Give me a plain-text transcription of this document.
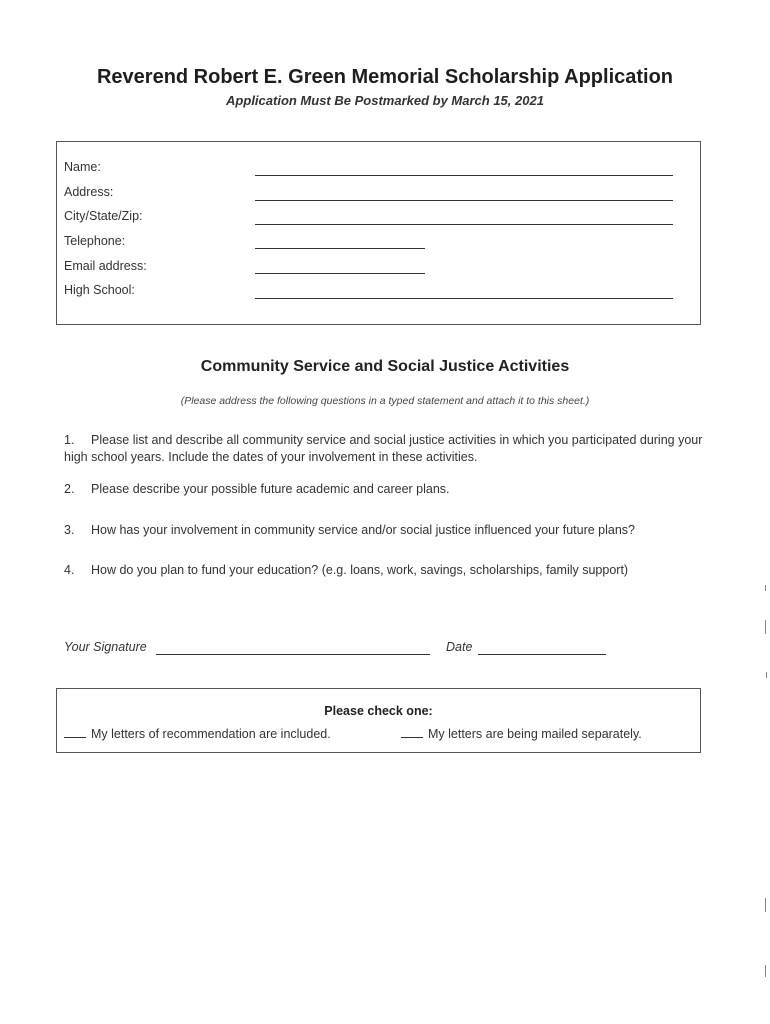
Reverend Robert E. Green Memorial Scholarship Application
Application Must Be Postmarked by March 15, 2021
Name:
Address:
City/State/Zip:
Telephone:
Email address:
High School:
Community Service and Social Justice Activities
(Please address the following questions in a typed statement and attach it to this sheet.)
1. Please list and describe all community service and social justice activities in which you participated during your high school years. Include the dates of your involvement in these activities.
2. Please describe your possible future academic and career plans.
3. How has your involvement in community service and/or social justice influenced your future plans?
4. How do you plan to fund your education? (e.g. loans, work, savings, scholarships, family support)
Your Signature	Date
Please check one:
My letters of recommendation are included.	My letters are being mailed separately.
